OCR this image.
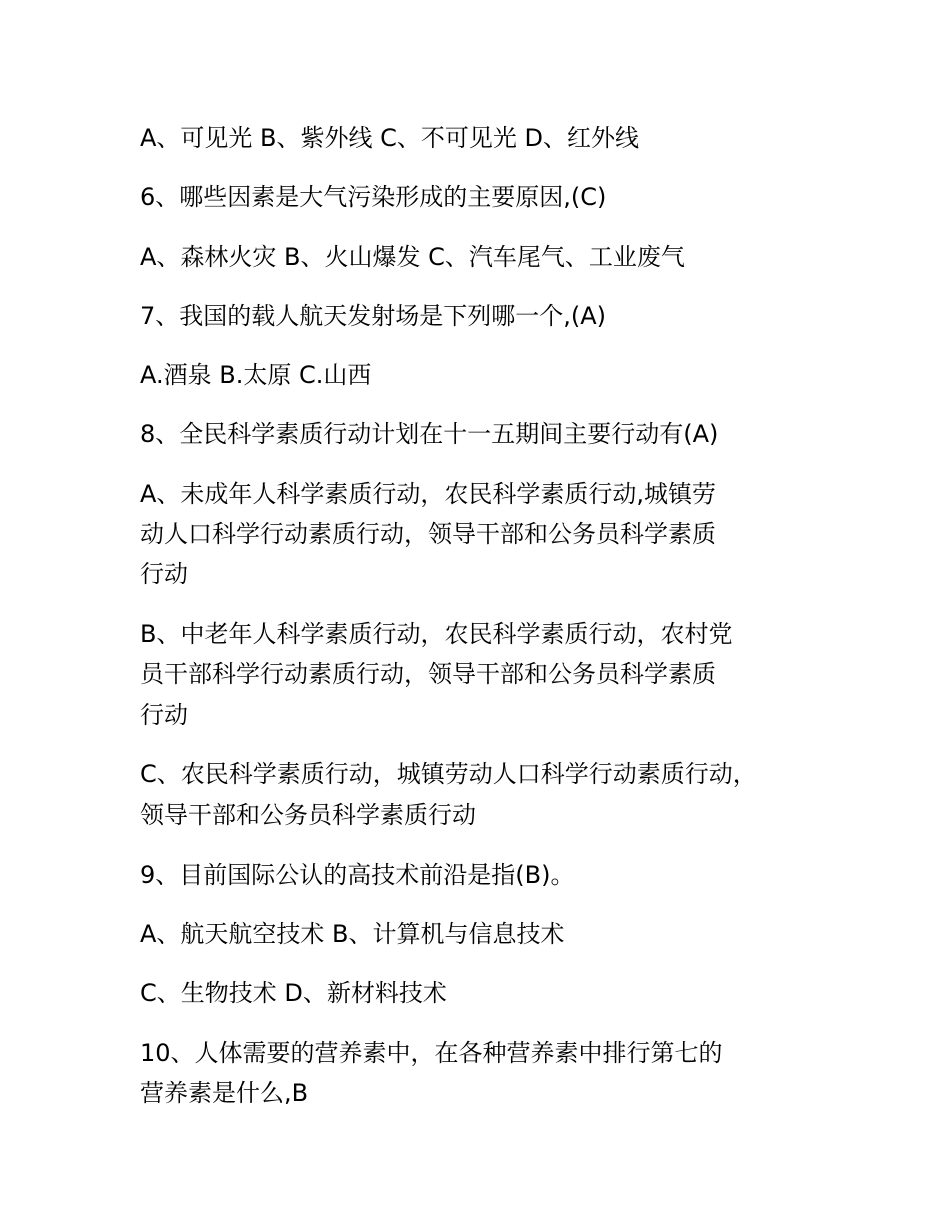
A、可见光 B、紫外线 C、不可见光 D、红外线
6、哪些因素是大气污染形成的主要原因,(C)
A、森林火灾 B、火山爆发 C、汽车尾气、工业废气
7、我国的载人航天发射场是下列哪一个,(A)
A.酒泉 B.太原 C.山西
8、全民科学素质行动计划在十一五期间主要行动有(A)
A、未成年人科学素质行动，农民科学素质行动,城镇劳
动人口科学行动素质行动，领导干部和公务员科学素质
行动
B、中老年人科学素质行动，农民科学素质行动，农村党
员干部科学行动素质行动，领导干部和公务员科学素质
行动
C、农民科学素质行动，城镇劳动人口科学行动素质行动，
领导干部和公务员科学素质行动
9、目前国际公认的高技术前沿是指(B)。
A、航天航空技术 B、计算机与信息技术
C、生物技术 D、新材料技术
10、人体需要的营养素中，在各种营养素中排行第七的
营养素是什么,B
